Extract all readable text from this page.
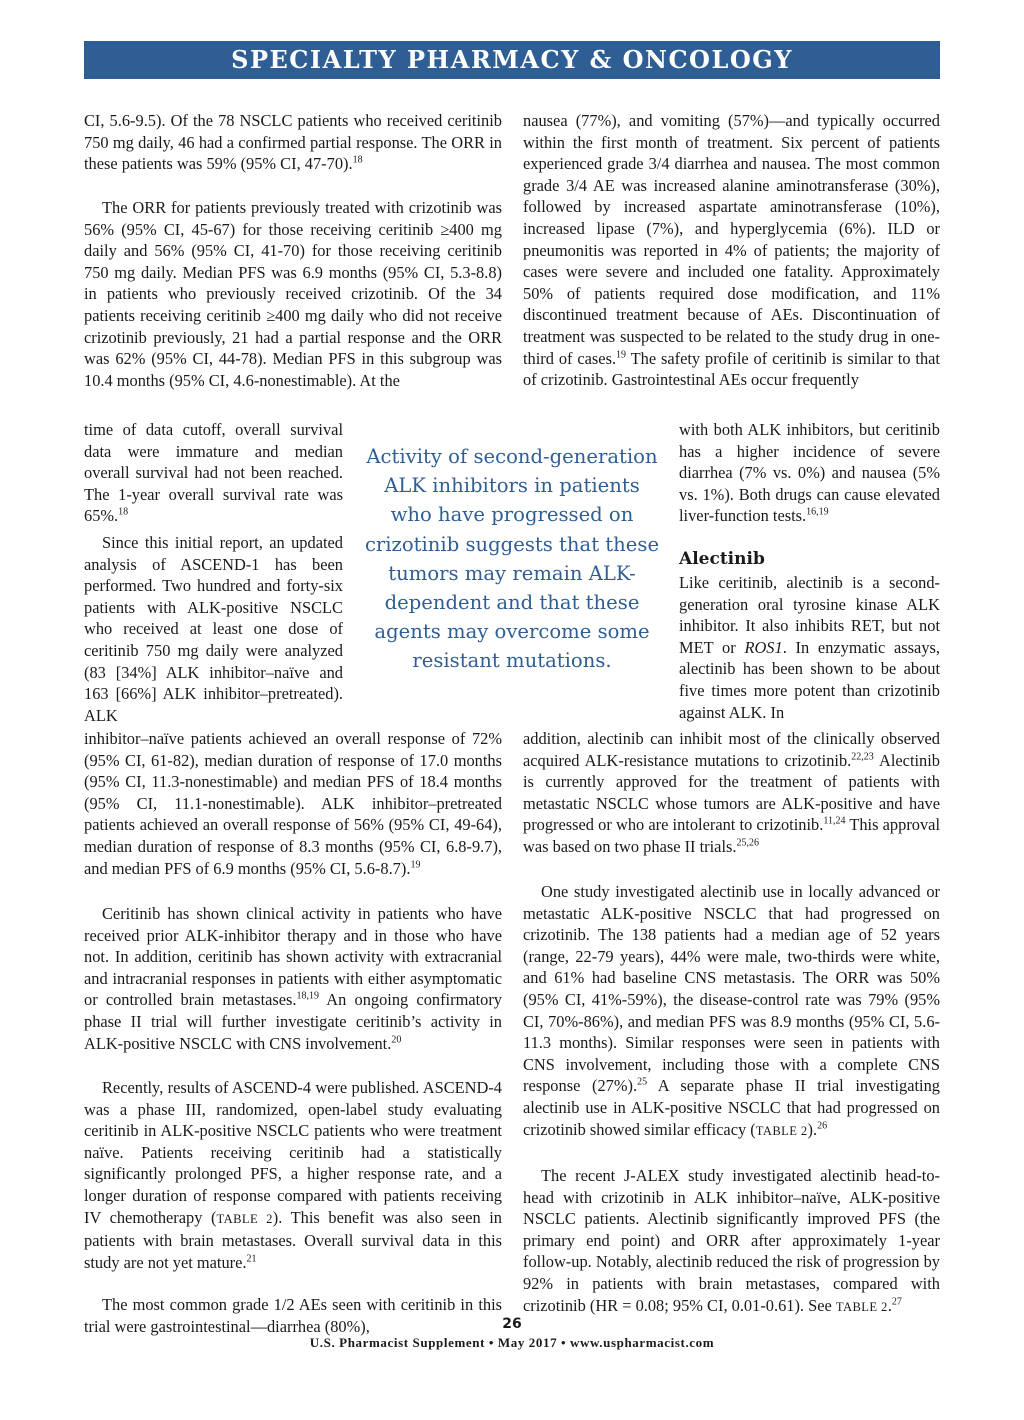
SPECIALTY PHARMACY & ONCOLOGY

CI, 5.6-9.5). Of the 78 NSCLC patients who received ceritinib 750 mg daily, 46 had a confirmed partial response. The ORR in these patients was 59% (95% CI, 47-70).$^{18}$

The ORR for patients previously treated with crizotinib was 56% (95% CI, 45-67) for those receiving ceritinib ≥400 mg daily and 56% (95% CI, 41-70) for those receiving ceritinib 750 mg daily. Median PFS was 6.9 months (95% CI, 5.3-8.8) in patients who previously received crizotinib. Of the 34 patients receiving ceritinib ≥400 mg daily who did not receive crizotinib previously, 21 had a partial response and the ORR was 62% (95% CI, 44-78). Median PFS in this subgroup was 10.4 months (95% CI, 4.6-nonestimable). At the

time of data cutoff, overall survival data were immature and median overall survival had not been reached. The 1-year overall survival rate was 65%.$^{18}$

Since this initial report, an updated analysis of ASCEND-1 has been performed. Two hundred and forty-six patients with ALK-positive NSCLC who received at least one dose of ceritinib 750 mg daily were analyzed (83 [34%] ALK inhibitor–naïve and 163 [66%] ALK inhibitor–pretreated). ALK

inhibitor–naïve patients achieved an overall response of 72% (95% CI, 61-82), median duration of response of 17.0 months (95% CI, 11.3-nonestimable) and median PFS of 18.4 months (95% CI, 11.1-nonestimable). ALK inhibitor–pretreated patients achieved an overall response of 56% (95% CI, 49-64), median duration of response of 8.3 months (95% CI, 6.8-9.7), and median PFS of 6.9 months (95% CI, 5.6-8.7).$^{19}$

Ceritinib has shown clinical activity in patients who have received prior ALK-inhibitor therapy and in those who have not. In addition, ceritinib has shown activity with extracranial and intracranial responses in patients with either asymptomatic or controlled brain metastases.$^{18,19}$ An ongoing confirmatory phase II trial will further investigate ceritinib’s activity in ALK-positive NSCLC with CNS involvement.$^{20}$

Recently, results of ASCEND-4 were published. ASCEND-4 was a phase III, randomized, open-label study evaluating ceritinib in ALK-positive NSCLC patients who were treatment naïve. Patients receiving ceritinib had a statistically significantly prolonged PFS, a higher response rate, and a longer duration of response compared with patients receiving IV chemotherapy (TABLE 2). This benefit was also seen in patients with brain metastases. Overall survival data in this study are not yet mature.$^{21}$

The most common grade 1/2 AEs seen with ceritinib in this trial were gastrointestinal—diarrhea (80%),

Activity of second-generation ALK inhibitors in patients who have progressed on crizotinib suggests that these tumors may remain ALK-dependent and that these agents may overcome some resistant mutations.

nausea (77%), and vomiting (57%)—and typically occurred within the first month of treatment. Six percent of patients experienced grade 3/4 diarrhea and nausea. The most common grade 3/4 AE was increased alanine aminotransferase (30%), followed by increased aspartate aminotransferase (10%), increased lipase (7%), and hyperglycemia (6%). ILD or pneumonitis was reported in 4% of patients; the majority of cases were severe and included one fatality. Approximately 50% of patients required dose modification, and 11% discontinued treatment because of AEs. Discontinuation of treatment was suspected to be related to the study drug in one-third of cases.$^{19}$ The safety profile of ceritinib is similar to that of crizotinib. Gastrointestinal AEs occur frequently

with both ALK inhibitors, but ceritinib has a higher incidence of severe diarrhea (7% vs. 0%) and nausea (5% vs. 1%). Both drugs can cause elevated liver-function tests.$^{16,19}$

Alectinib

Like ceritinib, alectinib is a second-generation oral tyrosine kinase ALK inhibitor. It also inhibits RET, but not MET or ROS1. In enzymatic assays, alectinib has been shown to be about five times more potent than crizotinib against ALK. In

addition, alectinib can inhibit most of the clinically observed acquired ALK-resistance mutations to crizotinib.$^{22,23}$ Alectinib is currently approved for the treatment of patients with metastatic NSCLC whose tumors are ALK-positive and have progressed or who are intolerant to crizotinib.$^{11,24}$ This approval was based on two phase II trials.$^{25,26}$

One study investigated alectinib use in locally advanced or metastatic ALK-positive NSCLC that had progressed on crizotinib. The 138 patients had a median age of 52 years (range, 22-79 years), 44% were male, two-thirds were white, and 61% had baseline CNS metastasis. The ORR was 50% (95% CI, 41%-59%), the disease-control rate was 79% (95% CI, 70%-86%), and median PFS was 8.9 months (95% CI, 5.6-11.3 months). Similar responses were seen in patients with CNS involvement, including those with a complete CNS response (27%).$^{25}$ A separate phase II trial investigating alectinib use in ALK-positive NSCLC that had progressed on crizotinib showed similar efficacy (TABLE 2).$^{26}$

The recent J-ALEX study investigated alectinib head-to-head with crizotinib in ALK inhibitor–naïve, ALK-positive NSCLC patients. Alectinib significantly improved PFS (the primary end point) and ORR after approximately 1-year follow-up. Notably, alectinib reduced the risk of progression by 92% in patients with brain metastases, compared with crizotinib (HR = 0.08; 95% CI, 0.01-0.61). See TABLE 2.27

26
U.S. Pharmacist Supplement • May 2017 • www.uspharmacist.com
